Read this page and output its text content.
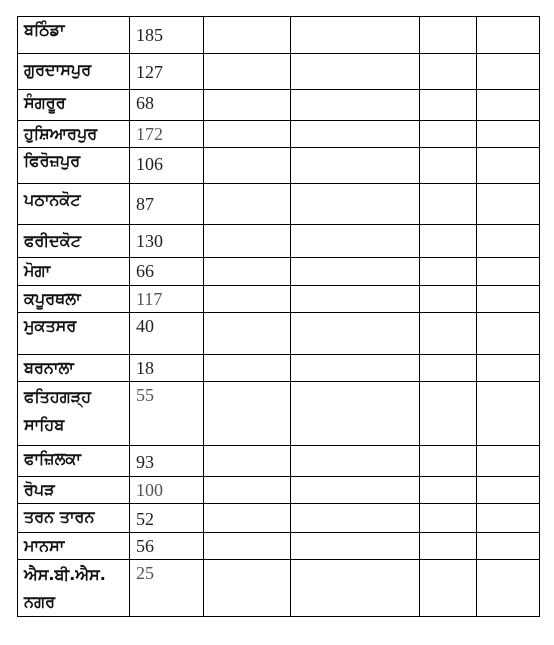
ਬਠਿੰਡਾ	185				
ਗੁਰਦਾਸਪੁਰ	127				
ਸੰਗਰੂਰ	68				
ਹੁਸ਼ਿਆਰਪੁਰ	172				
ਫਿਰੋਜ਼ਪੁਰ	106				
ਪਠਾਨਕੋਟ	87				
ਫਰੀਦਕੋਟ	130				
ਮੋਗਾ	66				
ਕਪੂਰਥਲਾ	117				
ਮੁਕਤਸਰ	40				
ਬਰਨਾਲਾ	18				
ਫਤਿਹਗੜ੍ਹ ਸਾਹਿਬ	55				
ਫਾਜ਼ਿਲਕਾ	93				
ਰੋਪੜ	100				
ਤਰਨ ਤਾਰਨ	52				
ਮਾਨਸਾ	56				
ਐਸ.ਬੀ.ਐਸ. ਨਗਰ	25				
